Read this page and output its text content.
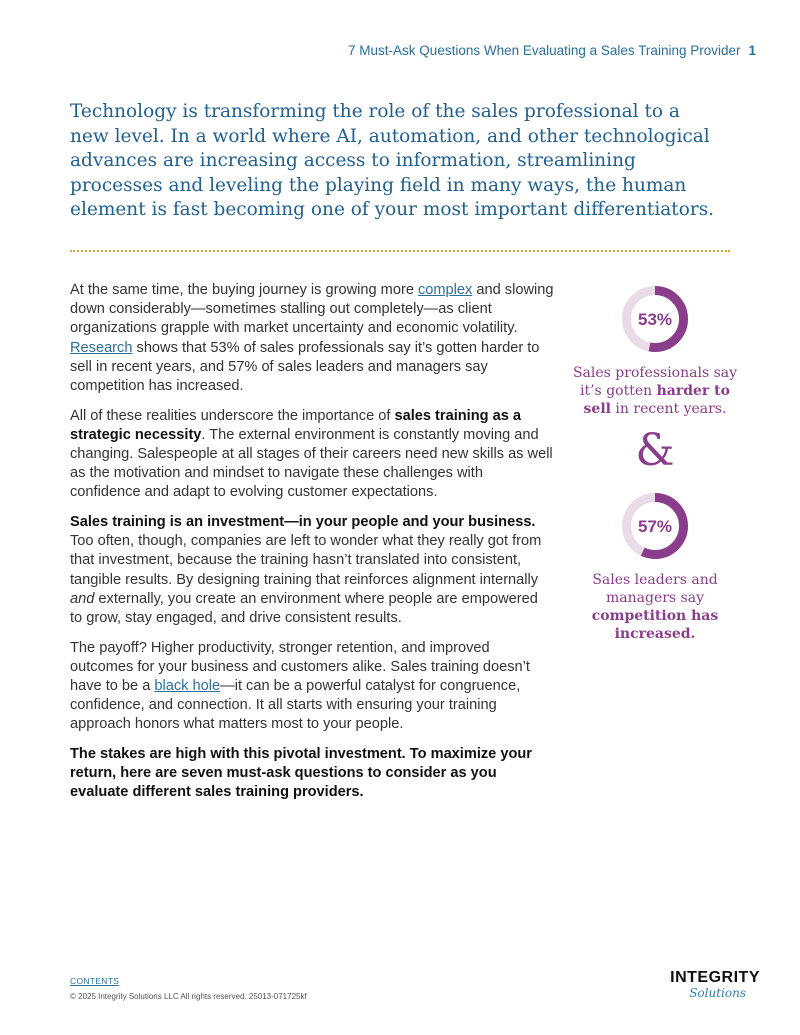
7 Must-Ask Questions When Evaluating a Sales Training Provider 1

Technology is transforming the role of the sales professional to a new level. In a world where AI, automation, and other technological advances are increasing access to information, streamlining processes and leveling the playing field in many ways, the human element is fast becoming one of your most important differentiators.

At the same time, the buying journey is growing more complex and slowing down considerably—sometimes stalling out completely—as client organizations grapple with market uncertainty and economic volatility. Research shows that 53% of sales professionals say it’s gotten harder to sell in recent years, and 57% of sales leaders and managers say competition has increased.

All of these realities underscore the importance of sales training as a strategic necessity. The external environment is constantly moving and changing. Salespeople at all stages of their careers need new skills as well as the motivation and mindset to navigate these challenges with confidence and adapt to evolving customer expectations.

Sales training is an investment—in your people and your business. Too often, though, companies are left to wonder what they really got from that investment, because the training hasn’t translated into consistent, tangible results. By designing training that reinforces alignment internally and externally, you create an environment where people are empowered to grow, stay engaged, and drive consistent results.

The payoff? Higher productivity, stronger retention, and improved outcomes for your business and customers alike. Sales training doesn’t have to be a black hole—it can be a powerful catalyst for congruence, confidence, and connection. It all starts with ensuring your training approach honors what matters most to your people.

The stakes are high with this pivotal investment. To maximize your return, here are seven must-ask questions to consider as you evaluate different sales training providers.

53%
Sales professionals say it’s gotten harder to sell in recent years.
&
57%
Sales leaders and managers say competition has increased.
CONTENTS
© 2025 Integrity Solutions LLC All rights reserved. 25013-071725kf
INTEGRITY
Solutions
